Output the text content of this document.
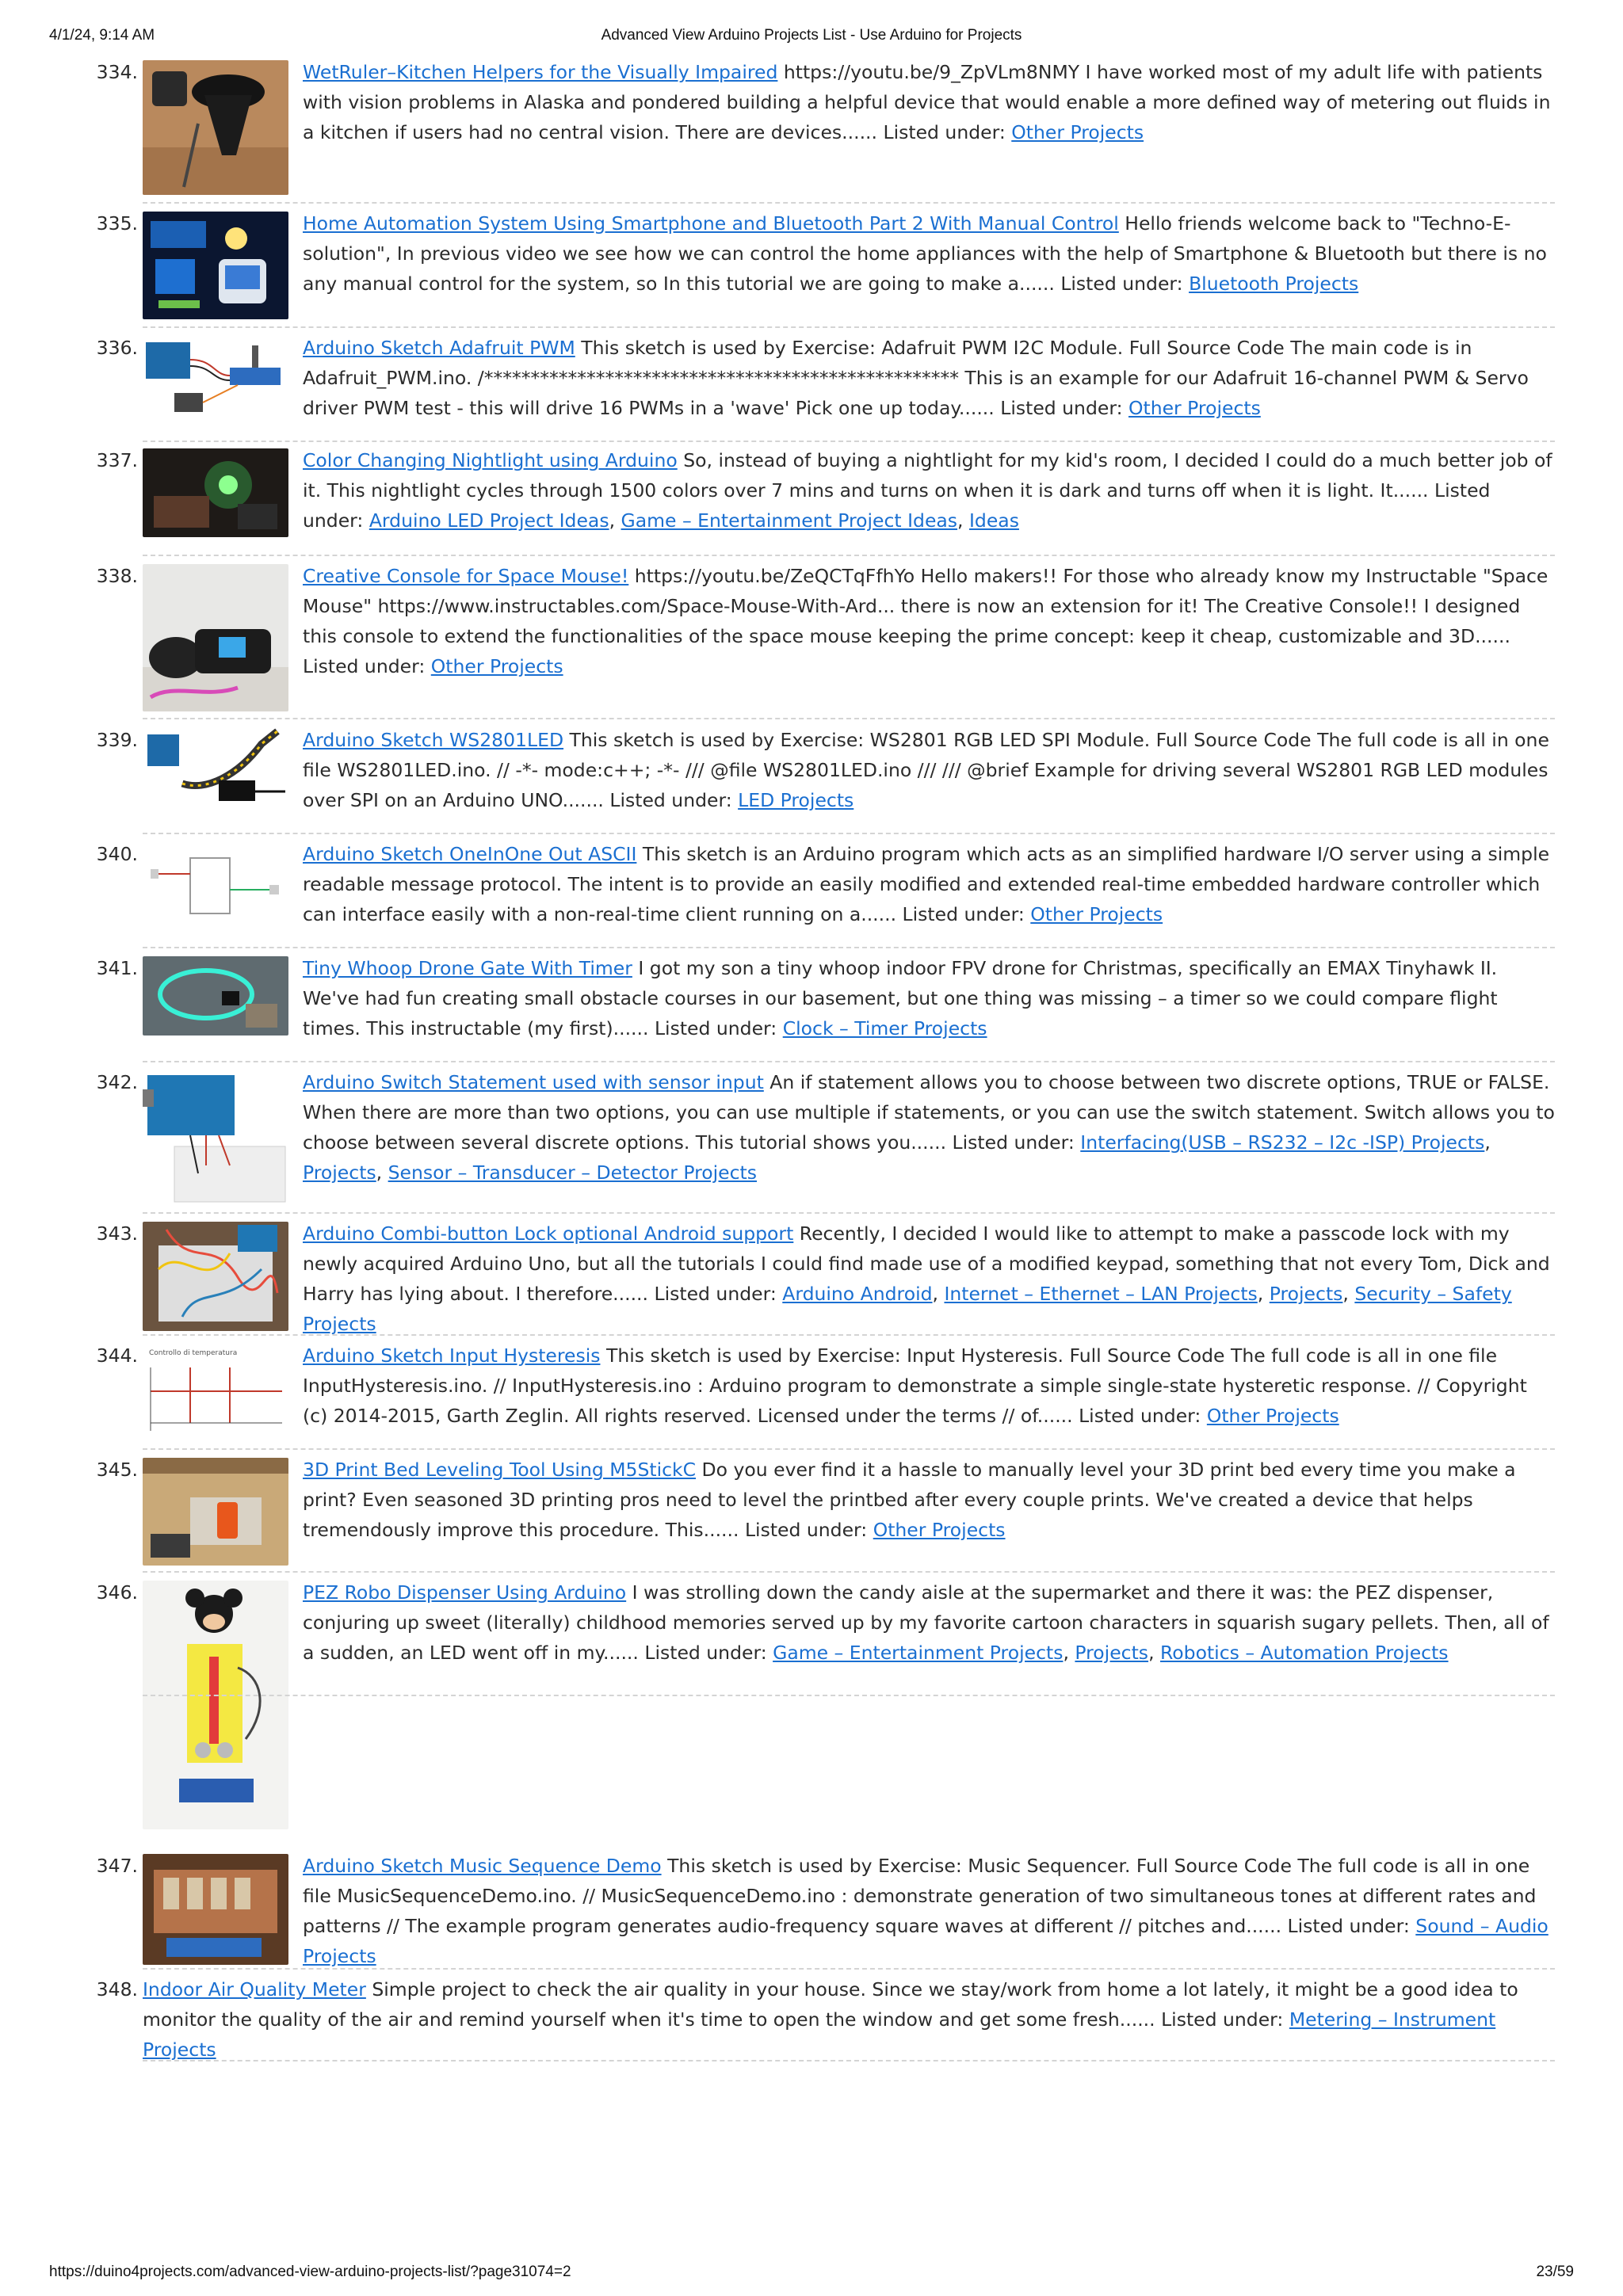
4/1/24, 9:14 AM	Advanced View Arduino Projects List - Use Arduino for Projects
334.	WetRuler–Kitchen Helpers for the Visually Impaired https://youtu.be/9_ZpVLm8NMY I have worked most of my adult life with patients with vision problems in Alaska and pondered building a helpful device that would enable a more defined way of metering out fluids in a kitchen if users had no central vision. There are devices...... Listed under: Other Projects
335.	Home Automation System Using Smartphone and Bluetooth Part 2 With Manual Control Hello friends welcome back to "Techno-E-solution", In previous video we see how we can control the home appliances with the help of Smartphone & Bluetooth but there is no any manual control for the system, so In this tutorial we are going to make a...... Listed under: Bluetooth Projects
336.	Arduino Sketch Adafruit PWM This sketch is used by Exercise: Adafruit PWM I2C Module. Full Source Code The main code is in Adafruit_PWM.ino. /*************************************************** This is an example for our Adafruit 16-channel PWM & Servo driver PWM test - this will drive 16 PWMs in a 'wave' Pick one up today...... Listed under: Other Projects
337.	Color Changing Nightlight using Arduino So, instead of buying a nightlight for my kid's room, I decided I could do a much better job of it. This nightlight cycles through 1500 colors over 7 mins and turns on when it is dark and turns off when it is light. It...... Listed under: Arduino LED Project Ideas, Game – Entertainment Project Ideas, Ideas
338.	Creative Console for Space Mouse! https://youtu.be/ZeQCTqFfhYo Hello makers!! For those who already know my Instructable "Space Mouse" https://www.instructables.com/Space-Mouse-With-Ard... there is now an extension for it! The Creative Console!! I designed this console to extend the functionalities of the space mouse keeping the prime concept: keep it cheap, customizable and 3D...... Listed under: Other Projects
339.	Arduino Sketch WS2801LED This sketch is used by Exercise: WS2801 RGB LED SPI Module. Full Source Code The full code is all in one file WS2801LED.ino. // -*- mode:c++; -*- /// @file WS2801LED.ino /// /// @brief Example for driving several WS2801 RGB LED modules over SPI on an Arduino UNO....... Listed under: LED Projects
340.	Arduino Sketch OneInOne Out ASCII This sketch is an Arduino program which acts as an simplified hardware I/O server using a simple readable message protocol. The intent is to provide an easily modified and extended real-time embedded hardware controller which can interface easily with a non-real-time client running on a...... Listed under: Other Projects
341.	Tiny Whoop Drone Gate With Timer I got my son a tiny whoop indoor FPV drone for Christmas, specifically an EMAX Tinyhawk II. We've had fun creating small obstacle courses in our basement, but one thing was missing – a timer so we could compare flight times. This instructable (my first)...... Listed under: Clock – Timer Projects
342.	Arduino Switch Statement used with sensor input An if statement allows you to choose between two discrete options, TRUE or FALSE. When there are more than two options, you can use multiple if statements, or you can use the switch statement. Switch allows you to choose between several discrete options. This tutorial shows you...... Listed under: Interfacing(USB – RS232 – I2c -ISP) Projects, Projects, Sensor – Transducer – Detector Projects
343.	Arduino Combi-button Lock optional Android support Recently, I decided I would like to attempt to make a passcode lock with my newly acquired Arduino Uno, but all the tutorials I could find made use of a modified keypad, something that not every Tom, Dick and Harry has lying about. I therefore...... Listed under: Arduino Android, Internet – Ethernet – LAN Projects, Projects, Security – Safety Projects
344. Controllo di temperatura	Arduino Sketch Input Hysteresis This sketch is used by Exercise: Input Hysteresis. Full Source Code The full code is all in one file InputHysteresis.ino. // InputHysteresis.ino : Arduino program to demonstrate a simple single-state hysteretic response. // Copyright (c) 2014-2015, Garth Zeglin. All rights reserved. Licensed under the terms // of...... Listed under: Other Projects
345.	3D Print Bed Leveling Tool Using M5StickC Do you ever find it a hassle to manually level your 3D print bed every time you make a print? Even seasoned 3D printing pros need to level the printbed after every couple prints. We've created a device that helps tremendously improve this procedure. This...... Listed under: Other Projects
346.	PEZ Robo Dispenser Using Arduino I was strolling down the candy aisle at the supermarket and there it was: the PEZ dispenser, conjuring up sweet (literally) childhood memories served up by my favorite cartoon characters in squarish sugary pellets. Then, all of a sudden, an LED went off in my...... Listed under: Game – Entertainment Projects, Projects, Robotics – Automation Projects
347.	Arduino Sketch Music Sequence Demo This sketch is used by Exercise: Music Sequencer. Full Source Code The full code is all in one file MusicSequenceDemo.ino. // MusicSequenceDemo.ino : demonstrate generation of two simultaneous tones at different rates and patterns // The example program generates audio-frequency square waves at different // pitches and...... Listed under: Sound – Audio Projects
348. Indoor Air Quality Meter Simple project to check the air quality in your house. Since we stay/work from home a lot lately, it might be a good idea to monitor the quality of the air and remind yourself when it's time to open the window and get some fresh...... Listed under: Metering – Instrument Projects
https://duino4projects.com/advanced-view-arduino-projects-list/?page31074=2	23/59
